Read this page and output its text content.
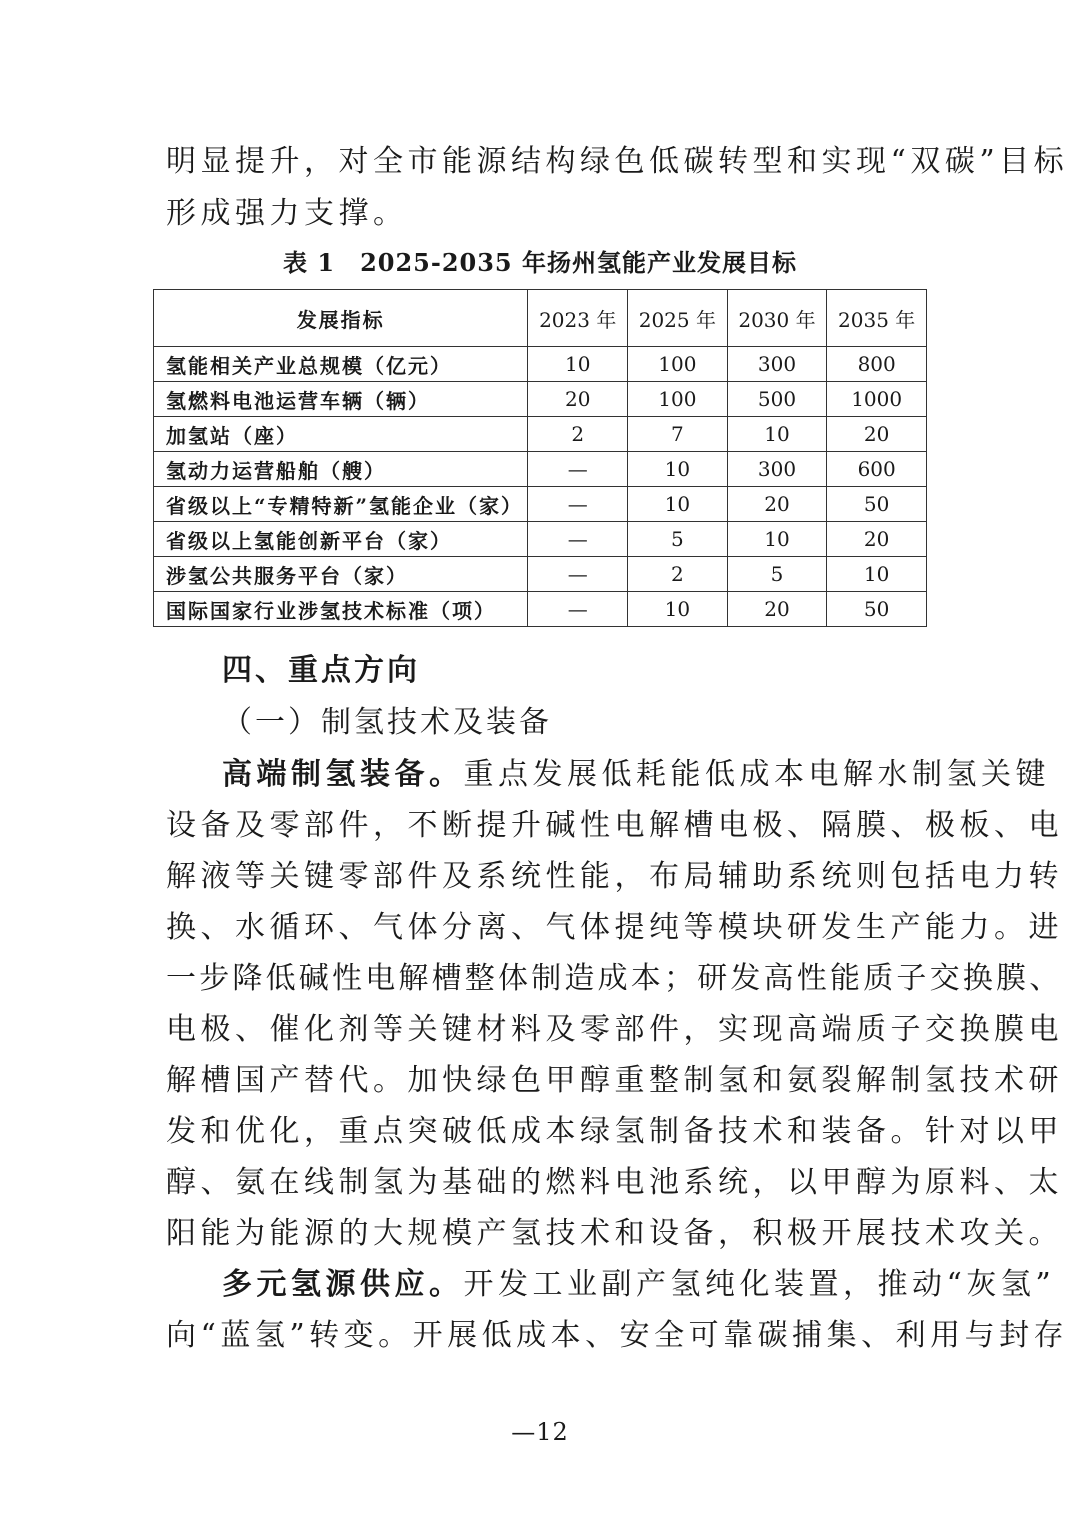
明显提升，对全市能源结构绿色低碳转型和实现“双碳”目标
形成强力支撑。
表 1　2025-2035 年扬州氢能产业发展目标
发展指标	2023 年	2025 年	2030 年	2035 年
氢能相关产业总规模（亿元）	10	100	300	800
氢燃料电池运营车辆（辆）	20	100	500	1000
加氢站（座）	2	7	10	20
氢动力运营船舶（艘）	—	10	300	600
省级以上“专精特新”氢能企业（家）	—	10	20	50
省级以上氢能创新平台（家）	—	5	10	20
涉氢公共服务平台（家）	—	2	5	10
国际国家行业涉氢技术标准（项）	—	10	20	50
四、重点方向
（一）制氢技术及装备
高端制氢装备。重点发展低耗能低成本电解水制氢关键
设备及零部件，不断提升碱性电解槽电极、隔膜、极板、电
解液等关键零部件及系统性能，布局辅助系统则包括电力转
换、水循环、气体分离、气体提纯等模块研发生产能力。进
一步降低碱性电解槽整体制造成本；研发高性能质子交换膜、
电极、催化剂等关键材料及零部件，实现高端质子交换膜电
解槽国产替代。加快绿色甲醇重整制氢和氨裂解制氢技术研
发和优化，重点突破低成本绿氢制备技术和装备。针对以甲
醇、氨在线制氢为基础的燃料电池系统，以甲醇为原料、太
阳能为能源的大规模产氢技术和设备，积极开展技术攻关。
多元氢源供应。开发工业副产氢纯化装置，推动“灰氢”
向“蓝氢”转变。开展低成本、安全可靠碳捕集、利用与封存
—12
